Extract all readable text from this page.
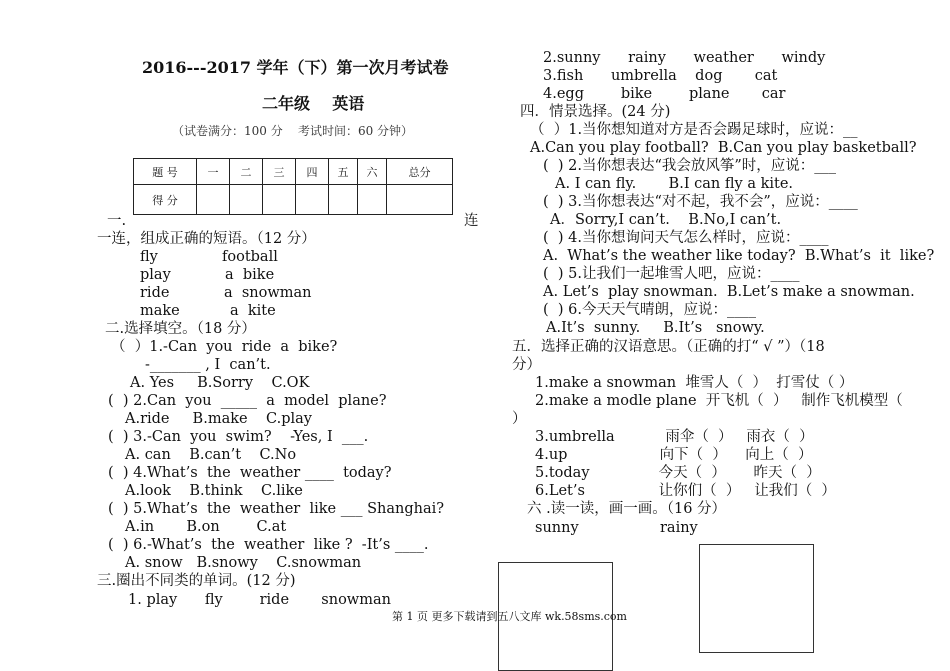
2016---2017 学年（下）第一次月考试卷
二年级    英语
（试卷满分：100 分    考试时间：60 分钟）
题 号	一	二	三	四	五	六	总分
得 分							
一.	连
一连，组成正确的短语。（12 分）
fly
play
ride
make
football
a  bike
a  snowman
a  kite
二.选择填空。（18 分）
（  ）1.-Can  you  ride  a  bike?
-_______ , I  can’t.
A. Yes     B.Sorry    C.OK
(  ) 2.Can  you  _____  a  model  plane?
A.ride     B.make    C.play
(  ) 3.-Can  you  swim?    -Yes, I  ___.
A. can    B.can’t    C.No
(  ) 4.What’s  the  weather ____  today?
A.look    B.think    C.like
(  ) 5.What’s  the  weather  like ___ Shanghai?
A.in       B.on        C.at
(  ) 6.-What’s  the  weather  like ?  -It’s ____.
A. snow   B.snowy    C.snowman
三.圈出不同类的单词。(12 分)
1. play      fly        ride       snowman
2.sunny      rainy      weather      windy
3.fish      umbrella    dog       cat
4.egg        bike        plane       car
四．情景选择。(24 分)
（  ）1.当你想知道对方是否会踢足球时，应说：__
A.Can you play football?  B.Can you play basketball?
(  ) 2.当你想表达“我会放风筝”时，应说：___
A. I can fly.       B.I can fly a kite.
(  ) 3.当你想表达“对不起，我不会”，应说：____
A．Sorry,I can’t.    B.No,I can’t.
(  ) 4.当你想询问天气怎么样时，应说：____
A.  What’s the weather like today?  B.What’s  it  like?
(  ) 5.让我们一起堆雪人吧，应说：____
A. Let’s  play snowman.  B.Let’s make a snowman.
(  ) 6.今天天气晴朗，应说：____
A.It’s  sunny.     B.It’s   snowy.
五．选择正确的汉语意思。（正确的打“ √ ”）（18
分）
1.make a snowman  堆雪人（  ）  打雪仗（ ）
2.make a modle plane  开飞机（  ）   制作飞机模型（
）
3.umbrella           雨伞（  ）   雨衣（  ）
4.up                    向下（  ）    向上（  ）
5.today               今天（  ）      昨天（  ）
6.Let’s                让你们（  ）   让我们（  ）
六 .读一读，画一画。（16 分）
sunny	rainy
第 1 页 更多下载请到五八文库 wk.58sms.com
